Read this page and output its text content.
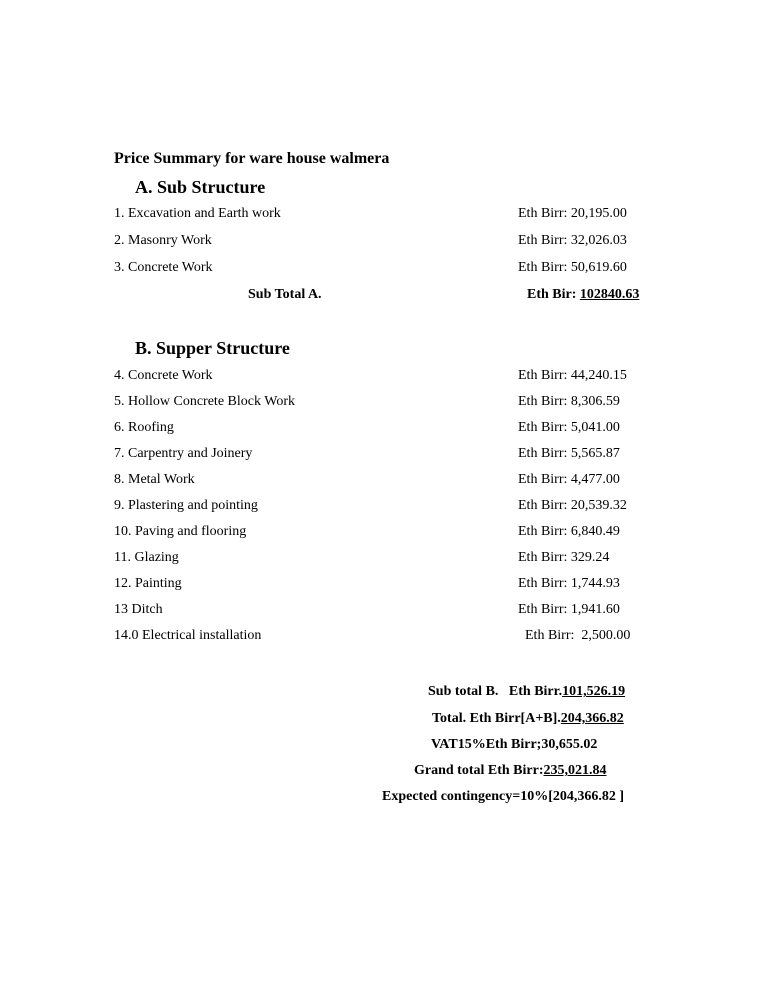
Price Summary for ware house walmera
A. Sub Structure
1. Excavation and Earth work	Eth Birr: 20,195.00
2. Masonry Work	Eth Birr: 32,026.03
3. Concrete Work	Eth Birr: 50,619.60
Sub Total A.	Eth Bir: 102840.63
B. Supper Structure
4. Concrete Work	Eth Birr: 44,240.15
5. Hollow Concrete Block Work	Eth Birr: 8,306.59
6. Roofing	Eth Birr: 5,041.00
7. Carpentry and Joinery	Eth Birr: 5,565.87
8. Metal Work	Eth Birr: 4,477.00
9. Plastering and pointing	Eth Birr: 20,539.32
10. Paving and flooring	Eth Birr: 6,840.49
11. Glazing	Eth Birr: 329.24
12. Painting	Eth Birr: 1,744.93
13 Ditch	Eth Birr: 1,941.60
14.0 Electrical installation	Eth Birr:  2,500.00
Sub total B.   Eth Birr.101,526.19
Total. Eth Birr[A+B].204,366.82
VAT15%Eth Birr;30,655.02
Grand total Eth Birr:235,021.84
Expected contingency=10%[204,366.82 ]
